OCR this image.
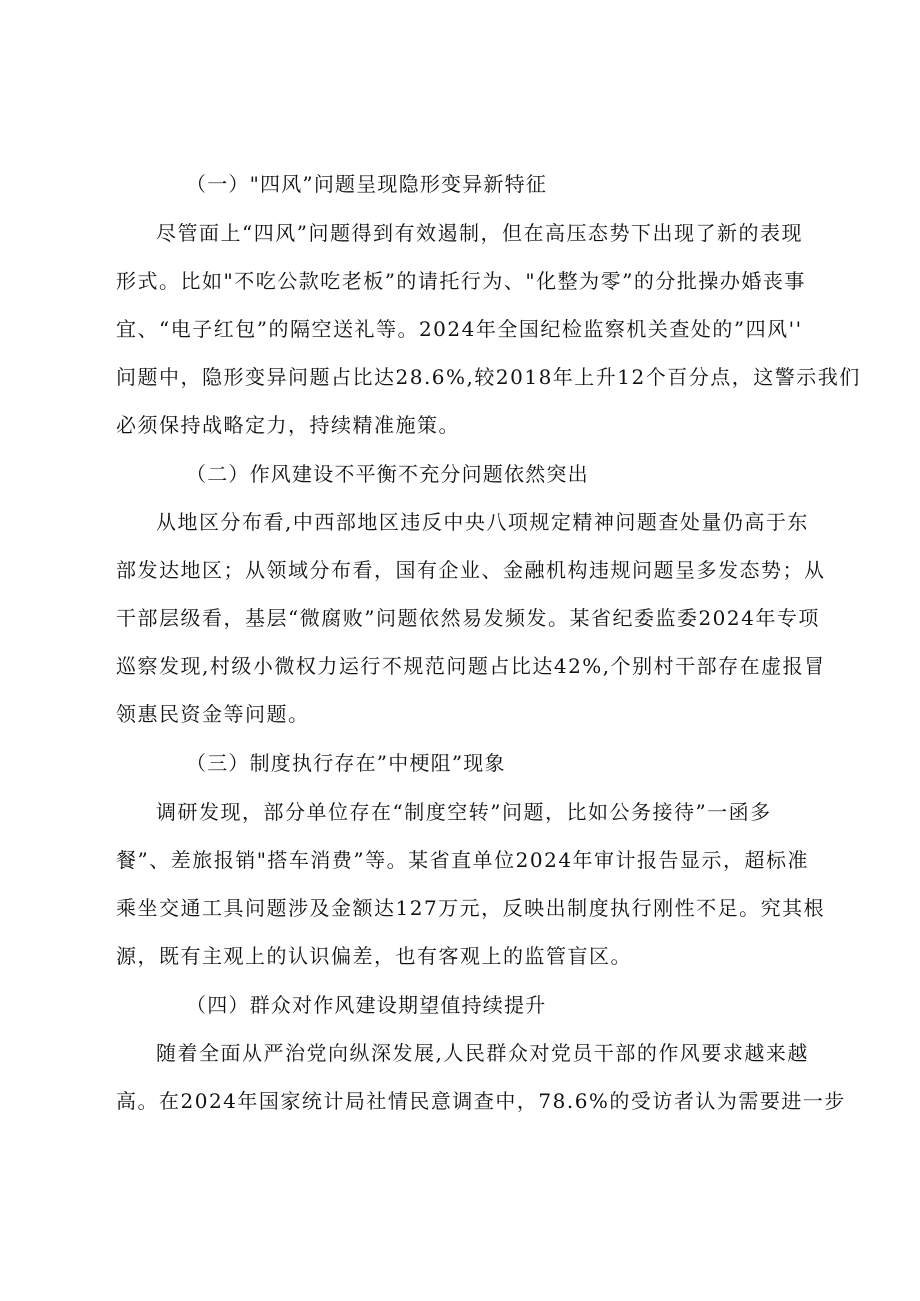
（一）"四风”问题呈现隐形变异新特征
尽管面上“四风”问题得到有效遏制，但在高压态势下出现了新的表现
形式。比如"不吃公款吃老板”的请托行为、"化整为零”的分批操办婚丧事
宜、“电子红包”的隔空送礼等。2024年全国纪检监察机关查处的”四风''
问题中，隐形变异问题占比达28.6%,较2018年上升12个百分点，这警示我们
必须保持战略定力，持续精准施策。
（二）作风建设不平衡不充分问题依然突出
从地区分布看,中西部地区违反中央八项规定精神问题查处量仍高于东
部发达地区；从领域分布看，国有企业、金融机构违规问题呈多发态势；从
干部层级看，基层“微腐败”问题依然易发频发。某省纪委监委2024年专项
巡察发现,村级小微权力运行不规范问题占比达42%,个别村干部存在虚报冒
领惠民资金等问题。
（三）制度执行存在”中梗阻”现象
调研发现，部分单位存在“制度空转”问题，比如公务接待”一函多
餐”、差旅报销"搭车消费”等。某省直单位2024年审计报告显示，超标准
乘坐交通工具问题涉及金额达127万元，反映出制度执行刚性不足。究其根
源，既有主观上的认识偏差，也有客观上的监管盲区。
（四）群众对作风建设期望值持续提升
随着全面从严治党向纵深发展,人民群众对党员干部的作风要求越来越
高。在2024年国家统计局社情民意调查中，78.6%的受访者认为需要进一步
